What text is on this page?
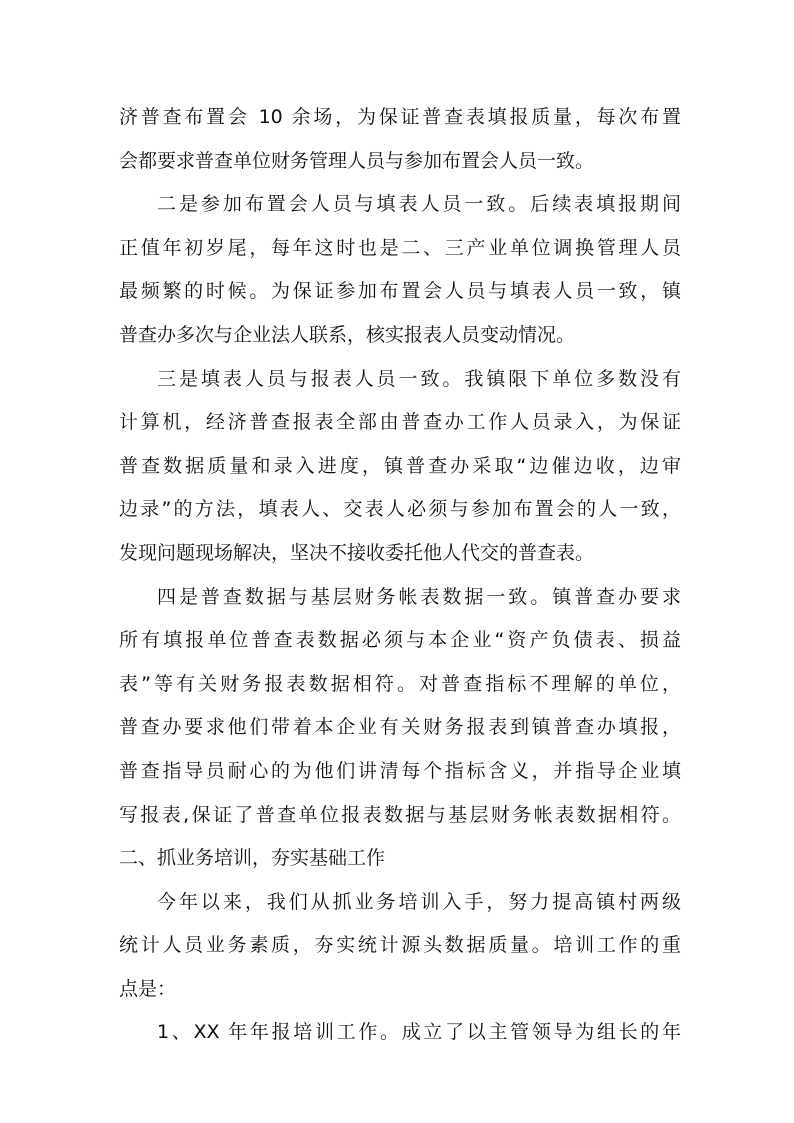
济普查布置会 10 余场，为保证普查表填报质量，每次布置
会都要求普查单位财务管理人员与参加布置会人员一致。
二是参加布置会人员与填表人员一致。后续表填报期间
正值年初岁尾，每年这时也是二、三产业单位调换管理人员
最频繁的时候。为保证参加布置会人员与填表人员一致，镇
普查办多次与企业法人联系，核实报表人员变动情况。
三是填表人员与报表人员一致。我镇限下单位多数没有
计算机，经济普查报表全部由普查办工作人员录入，为保证
普查数据质量和录入进度，镇普查办采取“边催边收，边审
边录”的方法，填表人、交表人必须与参加布置会的人一致，
发现问题现场解决，坚决不接收委托他人代交的普查表。
四是普查数据与基层财务帐表数据一致。镇普查办要求
所有填报单位普查表数据必须与本企业“资产负债表、损益
表”等有关财务报表数据相符。对普查指标不理解的单位，
普查办要求他们带着本企业有关财务报表到镇普查办填报，
普查指导员耐心的为他们讲清每个指标含义，并指导企业填
写报表,保证了普查单位报表数据与基层财务帐表数据相符。
二、抓业务培训，夯实基础工作
今年以来，我们从抓业务培训入手，努力提高镇村两级
统计人员业务素质，夯实统计源头数据质量。培训工作的重
点是：
1、XX 年年报培训工作。成立了以主管领导为组长的年
